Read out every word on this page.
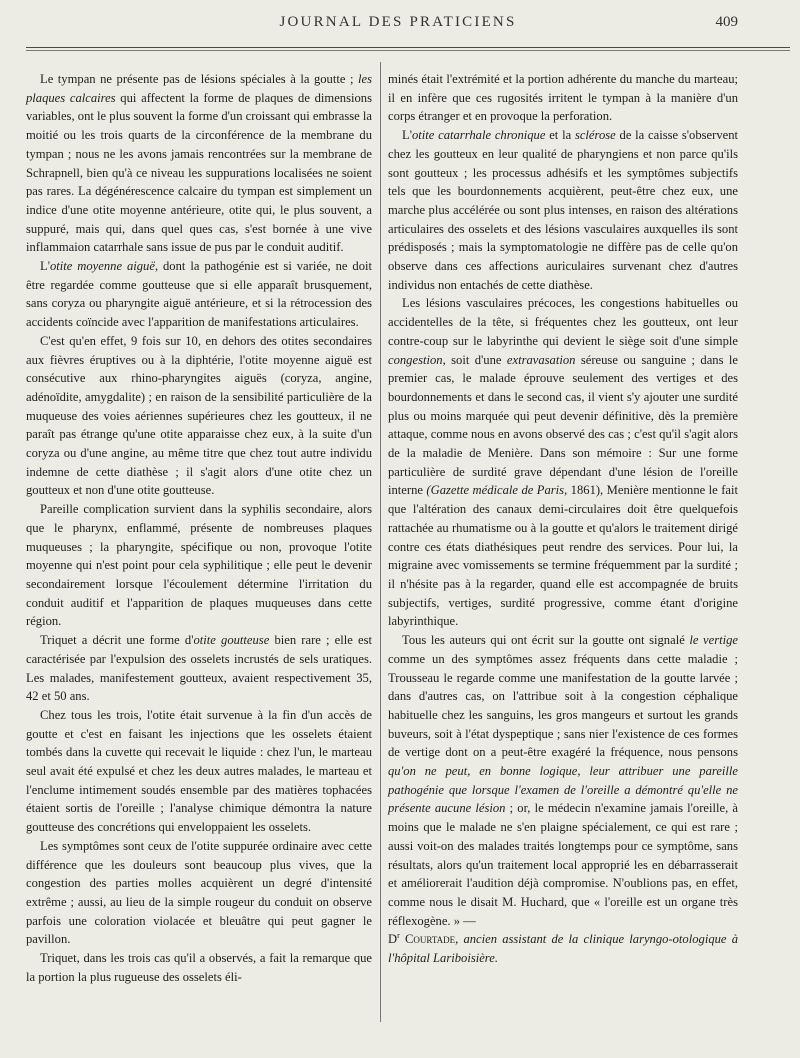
JOURNAL DES PRATICIENS	409

Le tympan ne présente pas de lésions spéciales à la goutte ; les plaques calcaires qui affectent la forme de plaques de dimensions variables, ont le plus souvent la forme d'un croissant qui embrasse la moitié ou les trois quarts de la circonférence de la membrane du tympan ; nous ne les avons jamais rencontrées sur la membrane de Schrapnell, bien qu'à ce niveau les suppurations localisées ne soient pas rares. La dégénérescence calcaire du tympan est simplement un indice d'une otite moyenne antérieure, otite qui, le plus souvent, a suppuré, mais qui, dans quel ques cas, s'est bornée à une vive inflammaion catarrhale sans issue de pus par le conduit auditif.

L'otite moyenne aiguë, dont la pathogénie est si variée, ne doit être regardée comme goutteuse que si elle apparaît brusquement, sans coryza ou pharyngite aiguë antérieure, et si la rétrocession des accidents coïncide avec l'apparition de manifestations articulaires.

C'est qu'en effet, 9 fois sur 10, en dehors des otites secondaires aux fièvres éruptives ou à la diphtérie, l'otite moyenne aiguë est consécutive aux rhino-pharyngites aiguës (coryza, angine, adénoïdite, amygdalite) ; en raison de la sensibilité particulière de la muqueuse des voies aériennes supérieures chez les goutteux, il ne paraît pas étrange qu'une otite apparaisse chez eux, à la suite d'un coryza ou d'une angine, au même titre que chez tout autre individu indemne de cette diathèse ; il s'agit alors d'une otite chez un goutteux et non d'une otite goutteuse.

Pareille complication survient dans la syphilis secondaire, alors que le pharynx, enflammé, présente de nombreuses plaques muqueuses ; la pharyngite, spécifique ou non, provoque l'otite moyenne qui n'est point pour cela syphilitique ; elle peut le devenir secondairement lorsque l'écoulement détermine l'irritation du conduit auditif et l'apparition de plaques muqueuses dans cette région.

Triquet a décrit une forme d'otite goutteuse bien rare ; elle est caractérisée par l'expulsion des osselets incrustés de sels uratiques. Les malades, manifestement goutteux, avaient respectivement 35, 42 et 50 ans.

Chez tous les trois, l'otite était survenue à la fin d'un accès de goutte et c'est en faisant les injections que les osselets étaient tombés dans la cuvette qui recevait le liquide : chez l'un, le marteau seul avait été expulsé et chez les deux autres malades, le marteau et l'enclume intimement soudés ensemble par des matières tophacées étaient sortis de l'oreille ; l'analyse chimique démontra la nature goutteuse des concrétions qui enveloppaient les osselets.

Les symptômes sont ceux de l'otite suppurée ordinaire avec cette différence que les douleurs sont beaucoup plus vives, que la congestion des parties molles acquièrent un degré d'intensité extrême ; aussi, au lieu de la simple rougeur du conduit on observe parfois une coloration violacée et bleuâtre qui peut gagner le pavillon.

Triquet, dans les trois cas qu'il a observés, a fait la remarque que la portion la plus rugueuse des osselets éli-

minés était l'extrémité et la portion adhérente du manche du marteau; il en infère que ces rugosités irritent le tympan à la manière d'un corps étranger et en provoque la perforation.

L'otite catarrhale chronique et la sclérose de la caisse s'observent chez les goutteux en leur qualité de pharyngiens et non parce qu'ils sont goutteux ; les processus adhésifs et les symptômes subjectifs tels que les bourdonnements acquièrent, peut-être chez eux, une marche plus accélérée ou sont plus intenses, en raison des altérations articulaires des osselets et des lésions vasculaires auxquelles ils sont prédisposés ; mais la symptomatologie ne diffère pas de celle qu'on observe dans ces affections auriculaires survenant chez d'autres individus non entachés de cette diathèse.

Les lésions vasculaires précoces, les congestions habituelles ou accidentelles de la tête, si fréquentes chez les goutteux, ont leur contre-coup sur le labyrinthe qui devient le siège soit d'une simple congestion, soit d'une extravasation séreuse ou sanguine ; dans le premier cas, le malade éprouve seulement des vertiges et des bourdonnements et dans le second cas, il vient s'y ajouter une surdité plus ou moins marquée qui peut devenir définitive, dès la première attaque, comme nous en avons observé des cas ; c'est qu'il s'agit alors de la maladie de Menière. Dans son mémoire : Sur une forme particulière de surdité grave dépendant d'une lésion de l'oreille interne (Gazette médicale de Paris, 1861), Menière mentionne le fait que l'altération des canaux demi-circulaires doit être quelquefois rattachée au rhumatisme ou à la goutte et qu'alors le traitement dirigé contre ces états diathésiques peut rendre des services. Pour lui, la migraine avec vomissements se termine fréquemment par la surdité ; il n'hésite pas à la regarder, quand elle est accompagnée de bruits subjectifs, vertiges, surdité progressive, comme étant d'origine labyrinthique.

Tous les auteurs qui ont écrit sur la goutte ont signalé le vertige comme un des symptômes assez fréquents dans cette maladie ; Trousseau le regarde comme une manifestation de la goutte larvée ; dans d'autres cas, on l'attribue soit à la congestion céphalique habituelle chez les sanguins, les gros mangeurs et surtout les grands buveurs, soit à l'état dyspeptique ; sans nier l'existence de ces formes de vertige dont on a peut-être exagéré la fréquence, nous pensons qu'on ne peut, en bonne logique, leur attribuer une pareille pathogénie que lorsque l'examen de l'oreille a démontré qu'elle ne présente aucune lésion ; or, le médecin n'examine jamais l'oreille, à moins que le malade ne s'en plaigne spécialement, ce qui est rare ; aussi voit-on des malades traités longtemps pour ce symptôme, sans résultats, alors qu'un traitement local approprié les en débarrasserait et améliorerait l'audition déjà compromise. N'oublions pas, en effet, comme nous le disait M. Huchard, que « l'oreille est un organe très réflexogène. » —

$D^r$ Courtade, ancien assistant de la clinique laryngo-otologique à l'hôpital Lariboisière.
